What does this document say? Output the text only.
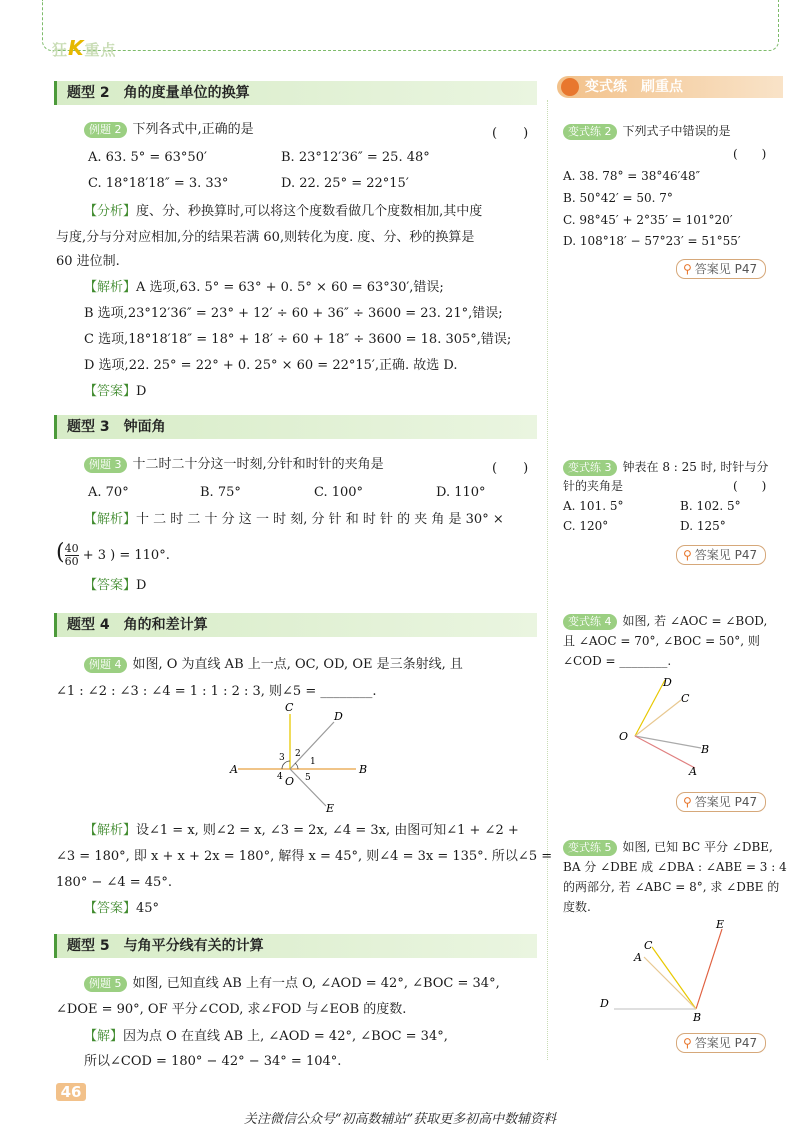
狂K重点
题型 2 角的度量单位的换算
例题 2 下列各式中,正确的是	(　　)
A. 63. 5° = 63°50′	B. 23°12′36″ = 25. 48°
C. 18°18′18″ = 3. 33°	D. 22. 25° = 22°15′
【分析】度、分、秒换算时,可以将这个度数看做几个度数相加,其中度
与度,分与分对应相加,分的结果若满 60,则转化为度. 度、分、秒的换算是
60 进位制.
【解析】A 选项,63. 5° = 63° + 0. 5° × 60 = 63°30′,错误;
B 选项,23°12′36″ = 23° + 12′ ÷ 60 + 36″ ÷ 3600 = 23. 21°,错误;
C 选项,18°18′18″ = 18° + 18′ ÷ 60 + 18″ ÷ 3600 = 18. 305°,错误;
D 选项,22. 25° = 22° + 0. 25° × 60 = 22°15′,正确. 故选 D.
【答案】D
题型 3 钟面角
例题 3 十二时二十分这一时刻,分针和时针的夹角是	(　　)
A. 70°	B. 75°	C. 100°	D. 110°
【解析】十 二 时 二 十 分 这 一 时 刻, 分 针 和 时 针 的 夹 角 是 30° ×
( $\frac{40}{60} + 3$ ) = 110°.
【答案】D
题型 4 角的和差计算
例题 4 如图, O 为直线 AB 上一点, OC, OD, OE 是三条射线, 且
∠1 : ∠2 : ∠3 : ∠4 = 1 : 1 : 2 : 3, 则∠5 = ________.
A	B
C
D
E
O
1
2
3
4 5
【解析】设∠1 = x, 则∠2 = x, ∠3 = 2x, ∠4 = 3x, 由图可知∠1 + ∠2 +
∠3 = 180°, 即 x + x + 2x = 180°, 解得 x = 45°, 则∠4 = 3x = 135°. 所以∠5 =
180° − ∠4 = 45°.
【答案】45°
题型 5 与角平分线有关的计算
例题 5 如图, 已知直线 AB 上有一点 O, ∠AOD = 42°, ∠BOC = 34°,
∠DOE = 90°, OF 平分∠COD, 求∠FOD 与∠EOB 的度数.
【解】因为点 O 在直线 AB 上, ∠AOD = 42°, ∠BOC = 34°,
所以∠COD = 180° − 42° − 34° = 104°.
变式练　刷重点
变式练 2 下列式子中错误的是
(　　)
A. 38. 78° = 38°46′48″
B. 50°42′ = 50. 7°
C. 98°45′ + 2°35′ = 101°20′
D. 108°18′ − 57°23′ = 51°55′
⚲ 答案见 P47
变式练 3 钟表在 8 : 25 时, 时针与分
针的夹角是	(　　)
A. 101. 5°	B. 102. 5°
C. 120°	D. 125°
⚲ 答案见 P47
变式练 4 如图, 若 ∠AOC = ∠BOD,
且 ∠AOC = 70°, ∠BOC = 50°, 则
∠COD = ________.
D
C
O
B
A
⚲ 答案见 P47
变式练 5 如图, 已知 BC 平分 ∠DBE,
BA 分 ∠DBE 成 ∠DBA : ∠ABE = 3 : 4
的两部分, 若 ∠ABC = 8°, 求 ∠DBE 的
度数.
D
E
C
A
B
⚲ 答案见 P47
46
关注微信公众号“初高数辅站”获取更多初高中数辅资料
